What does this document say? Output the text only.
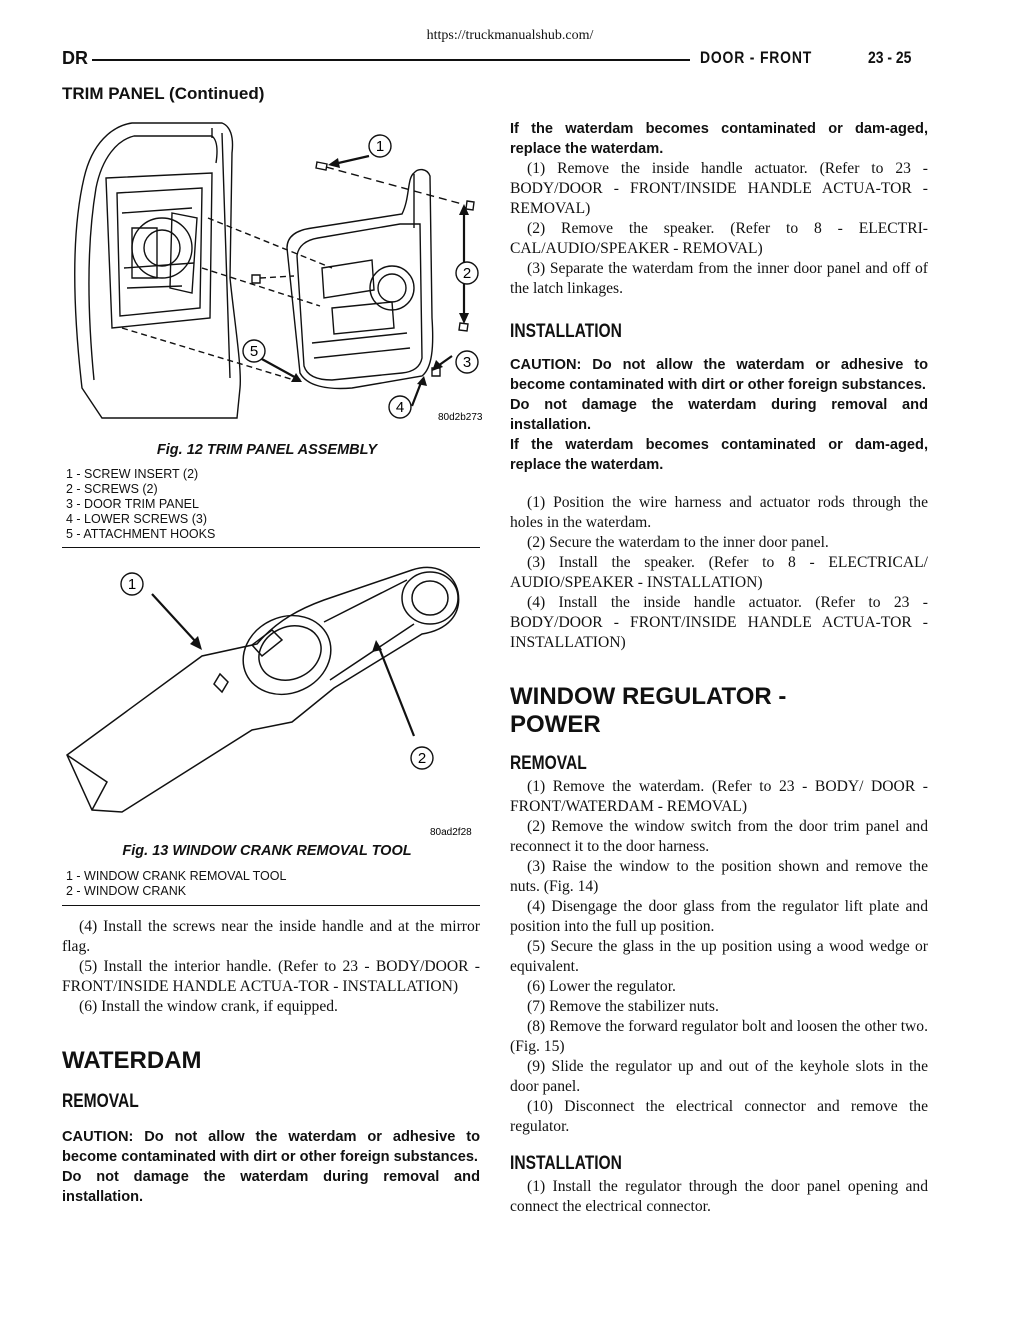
https://truckmanualshub.com/
DR	DOOR - FRONT	23 - 25
TRIM PANEL (Continued)
1
2
3
4
5
80d2b273
Fig. 12 TRIM PANEL ASSEMBLY
1 - SCREW INSERT (2)
2 - SCREWS (2)
3 - DOOR TRIM PANEL
4 - LOWER SCREWS (3)
5 - ATTACHMENT HOOKS
1
2
80ad2f28
Fig. 13 WINDOW CRANK REMOVAL TOOL
1 - WINDOW CRANK REMOVAL TOOL
2 - WINDOW CRANK

(4) Install the screws near the inside handle and at the mirror flag.

(5) Install the interior handle. (Refer to 23 - BODY/DOOR - FRONT/INSIDE HANDLE ACTUA-TOR - INSTALLATION)

(6) Install the window crank, if equipped.

WATERDAM

REMOVAL

CAUTION: Do not allow the waterdam or adhesive to become contaminated with dirt or other foreign substances.

Do not damage the waterdam during removal and installation.

If the waterdam becomes contaminated or dam-aged, replace the waterdam.

(1) Remove the inside handle actuator. (Refer to 23 - BODY/DOOR - FRONT/INSIDE HANDLE ACTUA-TOR - REMOVAL)

(2) Remove the speaker. (Refer to 8 - ELECTRI-CAL/AUDIO/SPEAKER - REMOVAL)

(3) Separate the waterdam from the inner door panel and off of the latch linkages.

INSTALLATION

CAUTION: Do not allow the waterdam or adhesive to become contaminated with dirt or other foreign substances.

Do not damage the waterdam during removal and installation.

If the waterdam becomes contaminated or dam-aged, replace the waterdam.

(1) Position the wire harness and actuator rods through the holes in the waterdam.

(2) Secure the waterdam to the inner door panel.

(3) Install the speaker. (Refer to 8 - ELECTRICAL/ AUDIO/SPEAKER - INSTALLATION)

(4) Install the inside handle actuator. (Refer to 23 - BODY/DOOR - FRONT/INSIDE HANDLE ACTUA-TOR - INSTALLATION)

WINDOW REGULATOR -

POWER

REMOVAL

(1) Remove the waterdam. (Refer to 23 - BODY/ DOOR - FRONT/WATERDAM - REMOVAL)

(2) Remove the window switch from the door trim panel and reconnect it to the door harness.

(3) Raise the window to the position shown and remove the nuts. (Fig. 14)

(4) Disengage the door glass from the regulator lift plate and position into the full up position.

(5) Secure the glass in the up position using a wood wedge or equivalent.

(6) Lower the regulator.

(7) Remove the stabilizer nuts.

(8) Remove the forward regulator bolt and loosen the other two. (Fig. 15)

(9) Slide the regulator up and out of the keyhole slots in the door panel.

(10) Disconnect the electrical connector and remove the regulator.

INSTALLATION

(1) Install the regulator through the door panel opening and connect the electrical connector.
